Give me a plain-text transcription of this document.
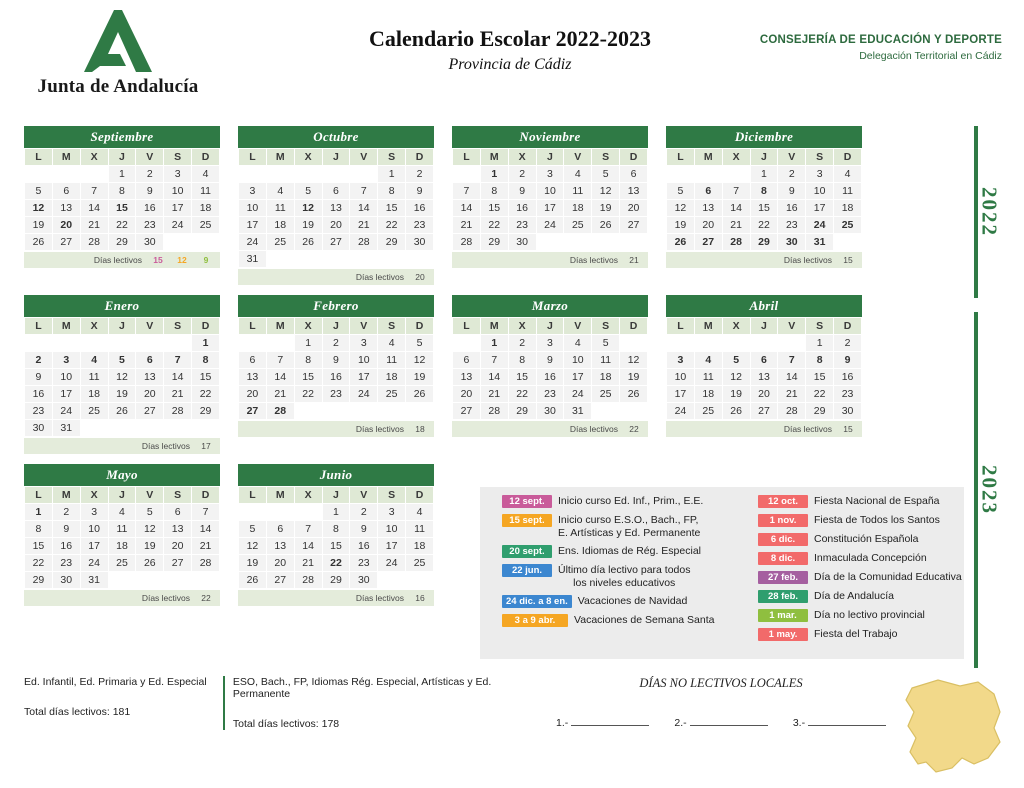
Junta de Andalucía
Calendario Escolar 2022-2023
Provincia de Cádiz
CONSEJERÍA DE EDUCACIÓN Y DEPORTE
Delegación Territorial en Cádiz
Septiembre
L	M	X	J	V	S	D
			1	2	3	4
5	6	7	8	9	10	11
12	13	14	15	16	17	18
19	20	21	22	23	24	25
26	27	28	29	30		
Días lectivos	15	12	9
Octubre
L	M	X	J	V	S	D
					1	2
3	4	5	6	7	8	9
10	11	12	13	14	15	16
17	18	19	20	21	22	23
24	25	26	27	28	29	30
31						
Días lectivos	20
Noviembre
L	M	X	J	V	S	D
	1	2	3	4	5	6
7	8	9	10	11	12	13
14	15	16	17	18	19	20
21	22	23	24	25	26	27
28	29	30				
Días lectivos	21
Diciembre
L	M	X	J	V	S	D
			1	2	3	4
5	6	7	8	9	10	11
12	13	14	15	16	17	18
19	20	21	22	23	24	25
26	27	28	29	30	31	
Días lectivos	15
Enero
L	M	X	J	V	S	D
						1
2	3	4	5	6	7	8
9	10	11	12	13	14	15
16	17	18	19	20	21	22
23	24	25	26	27	28	29
30	31					
Días lectivos	17
Febrero
L	M	X	J	V	S	D
		1	2	3	4	5
6	7	8	9	10	11	12
13	14	15	16	17	18	19
20	21	22	23	24	25	26
27	28					
Días lectivos	18
Marzo
L	M	X	J	V	S	D
	1	2	3	4	5	
6	7	8	9	10	11	12
13	14	15	16	17	18	19
20	21	22	23	24	25	26
27	28	29	30	31		
Días lectivos	22
Abril
L	M	X	J	V	S	D
					1	2
3	4	5	6	7	8	9
10	11	12	13	14	15	16
17	18	19	20	21	22	23
24	25	26	27	28	29	30
Días lectivos	15
Mayo
L	M	X	J	V	S	D
1	2	3	4	5	6	7
8	9	10	11	12	13	14
15	16	17	18	19	20	21
22	23	24	25	26	27	28
29	30	31				
Días lectivos	22
Junio
L	M	X	J	V	S	D
			1	2	3	4
5	6	7	8	9	10	11
12	13	14	15	16	17	18
19	20	21	22	23	24	25
26	27	28	29	30		
Días lectivos	16
2022
2023
12 sept.	Inicio curso Ed. Inf., Prim., E.E.
15 sept.	Inicio curso E.S.O., Bach., FP,
E. Artísticas y Ed. Permanente
20 sept.	Ens. Idiomas de Rég. Especial
22 jun.	Último día lectivo para todos
los niveles educativos
24 dic. a 8 en. Vacaciones de Navidad
3 a 9 abr.	Vacaciones de Semana Santa
12 oct.	Fiesta Nacional de España
1 nov.	Fiesta de Todos los Santos
6 dic.	Constitución Española
8 dic.	Inmaculada Concepción
27 feb.	Día de la Comunidad Educativa
28 feb.	Día de Andalucía
1 mar.	Día no lectivo provincial
1 may.	Fiesta del Trabajo
Ed. Infantil, Ed. Primaria y Ed. Especial
Total días lectivos: 181

ESO, Bach., FP, Idiomas Rég. Especial, Artísticas y Ed. Permanente
Total días lectivos: 178
DÍAS NO LECTIVOS LOCALES
1.-	2.-	3.-
